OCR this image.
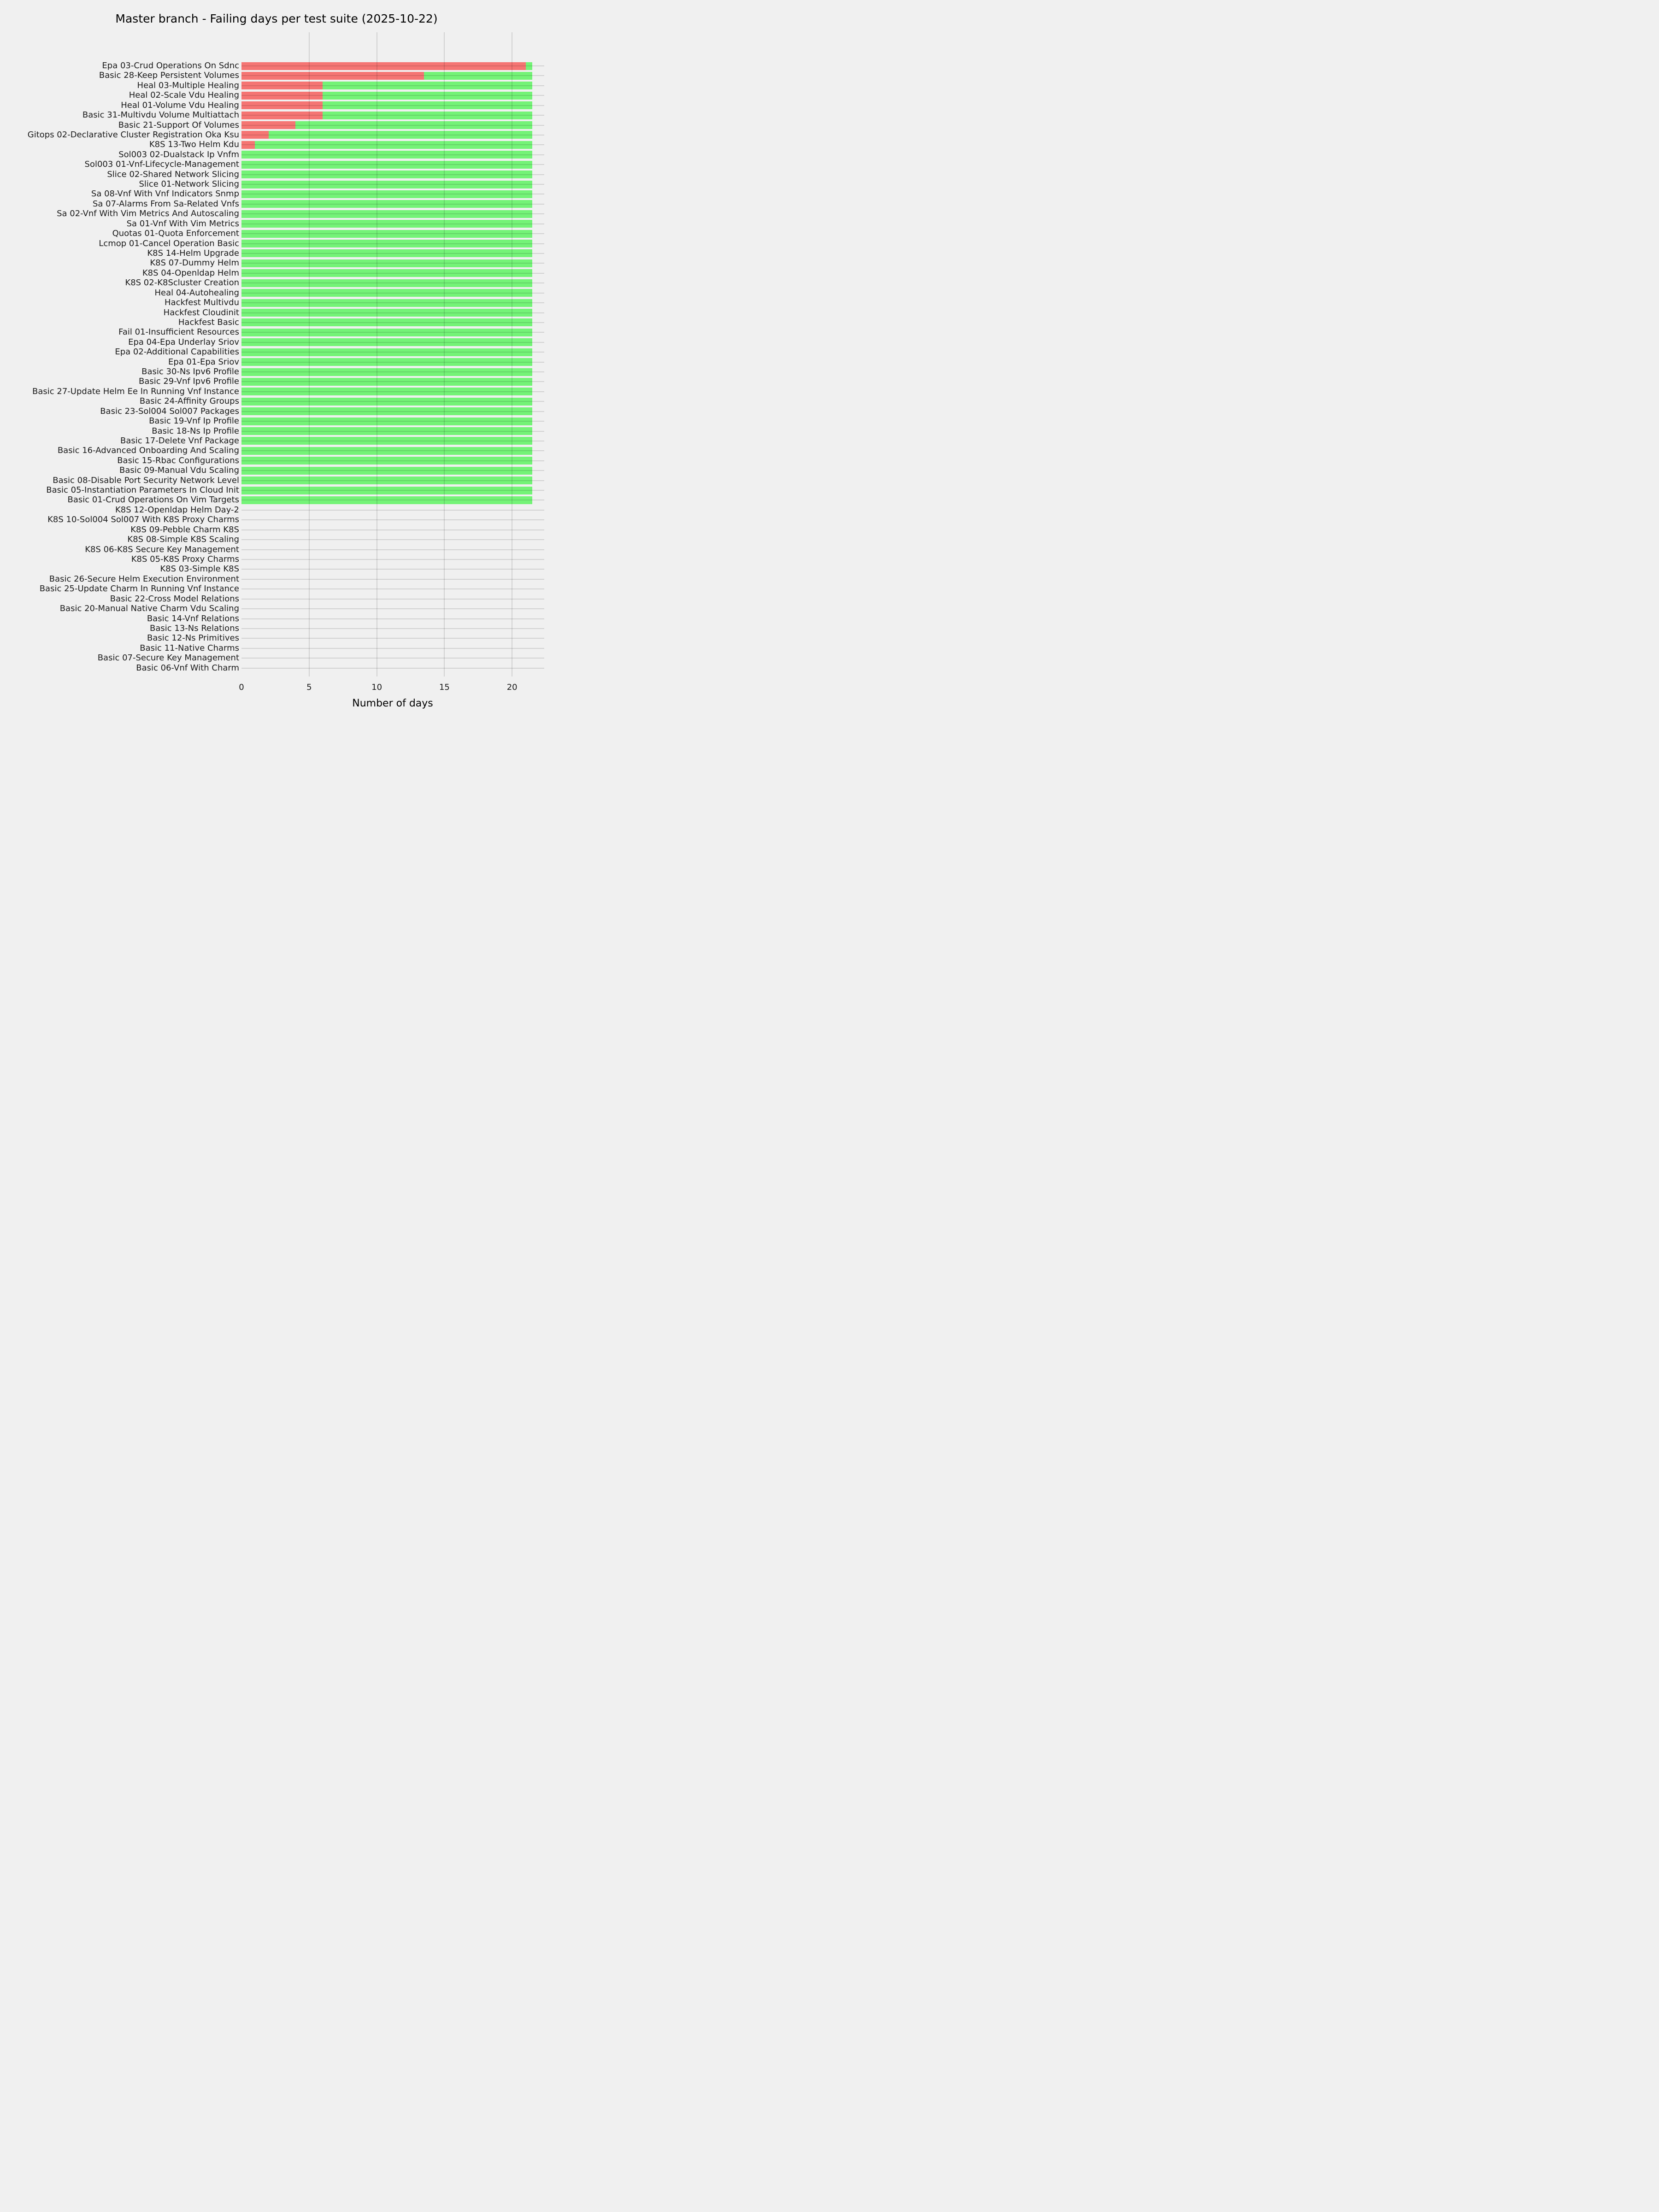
Master branch - Failing days per test suite (2025-10-22)
Epa 03-Crud Operations On Sdnc
Basic 28-Keep Persistent Volumes
Heal 03-Multiple Healing
Heal 02-Scale Vdu Healing
Heal 01-Volume Vdu Healing
Basic 31-Multivdu Volume Multiattach
Basic 21-Support Of Volumes
Gitops 02-Declarative Cluster Registration Oka Ksu
K8S 13-Two Helm Kdu
Sol003 02-Dualstack Ip Vnfm
Sol003 01-Vnf-Lifecycle-Management
Slice 02-Shared Network Slicing
Slice 01-Network Slicing
Sa 08-Vnf With Vnf Indicators Snmp
Sa 07-Alarms From Sa-Related Vnfs
Sa 02-Vnf With Vim Metrics And Autoscaling
Sa 01-Vnf With Vim Metrics
Quotas 01-Quota Enforcement
Lcmop 01-Cancel Operation Basic
K8S 14-Helm Upgrade
K8S 07-Dummy Helm
K8S 04-Openldap Helm
K8S 02-K8Scluster Creation
Heal 04-Autohealing
Hackfest Multivdu
Hackfest Cloudinit
Hackfest Basic
Fail 01-Insufficient Resources
Epa 04-Epa Underlay Sriov
Epa 02-Additional Capabilities
Epa 01-Epa Sriov
Basic 30-Ns Ipv6 Profile
Basic 29-Vnf Ipv6 Profile
Basic 27-Update Helm Ee In Running Vnf Instance
Basic 24-Affinity Groups
Basic 23-Sol004 Sol007 Packages
Basic 19-Vnf Ip Profile
Basic 18-Ns Ip Profile
Basic 17-Delete Vnf Package
Basic 16-Advanced Onboarding And Scaling
Basic 15-Rbac Configurations
Basic 09-Manual Vdu Scaling
Basic 08-Disable Port Security Network Level
Basic 05-Instantiation Parameters In Cloud Init
Basic 01-Crud Operations On Vim Targets
K8S 12-Openldap Helm Day-2
K8S 10-Sol004 Sol007 With K8S Proxy Charms
K8S 09-Pebble Charm K8S
K8S 08-Simple K8S Scaling
K8S 06-K8S Secure Key Management
K8S 05-K8S Proxy Charms
K8S 03-Simple K8S
Basic 26-Secure Helm Execution Environment
Basic 25-Update Charm In Running Vnf Instance
Basic 22-Cross Model Relations
Basic 20-Manual Native Charm Vdu Scaling
Basic 14-Vnf Relations
Basic 13-Ns Relations
Basic 12-Ns Primitives
Basic 11-Native Charms
Basic 07-Secure Key Management
Basic 06-Vnf With Charm
0	5	10	15	20
Number of days
